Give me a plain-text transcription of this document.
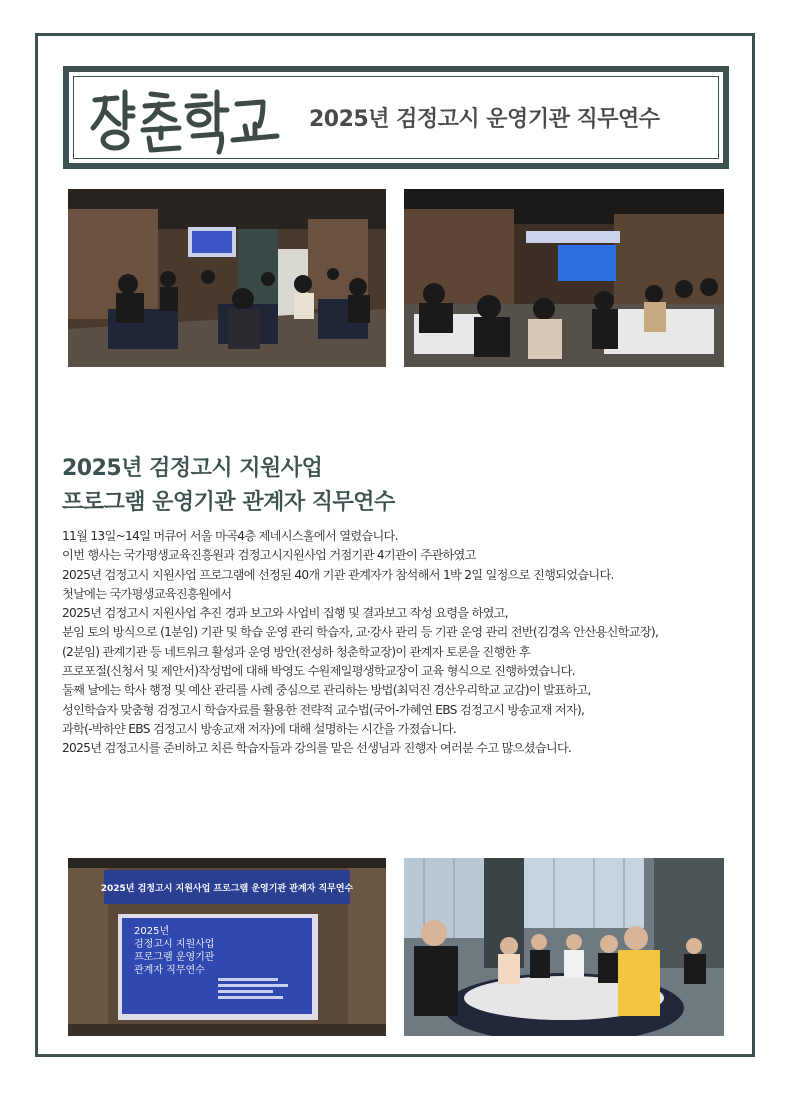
2025년 검정고시 운영기관 직무연수
2025년 검정고시 지원사업
프로그램 운영기관 관계자 직무연수
11월 13일~14일 머큐어 서울 마곡4층 제네시스홀에서 열렸습니다.
이번 행사는 국가평생교육진흥원과 검정고시지원사업 거점기관 4기관이 주관하였고
2025년 검정고시 지원사업 프로그램에 선정된 40개 기관 관계자가 참석해서 1박 2일 일정으로 진행되었습니다.
첫날에는 국가평생교육진흥원에서
2025년 검정고시 지원사업 추진 경과 보고와 사업비 집행 및 결과보고 작성 요령을 하였고,
분임 토의 방식으로 (1분임) 기관 및 학습 운영 관리 학습자, 교·강사 관리 등 기관 운영 관리 전반(김경옥 안산용신학교장),
(2분임) 관계기관 등 네트워크 활성과 운영 방안(전성하 청춘학교장)이 관계자 토론을 진행한 후
프로포절(신청서 및 제안서)작성법에 대해 박영도 수원제일평생학교장이 교육 형식으로 진행하였습니다.
둘째 날에는 학사 행정 및 예산 관리를 사례 중심으로 관리하는 방법(최덕진 경산우리학교 교감)이 발표하고,
성인학습자 맞춤형 검정고시 학습자료를 활용한 전략적 교수법(국어-가혜연 EBS 검정고시 방송교재 저자),
과학(-박하얀 EBS 검정고시 방송교재 저자)에 대해 설명하는 시간을 가졌습니다.
2025년 검정고시를 준비하고 치른 학습자들과 강의를 맡은 선생님과 진행자 여러분 수고 많으셨습니다.
2025년 검정고시 지원사업 프로그램 운영기관 관계자 직무연수
2025년
검정고시 지원사업
프로그램 운영기관
관계자 직무연수
